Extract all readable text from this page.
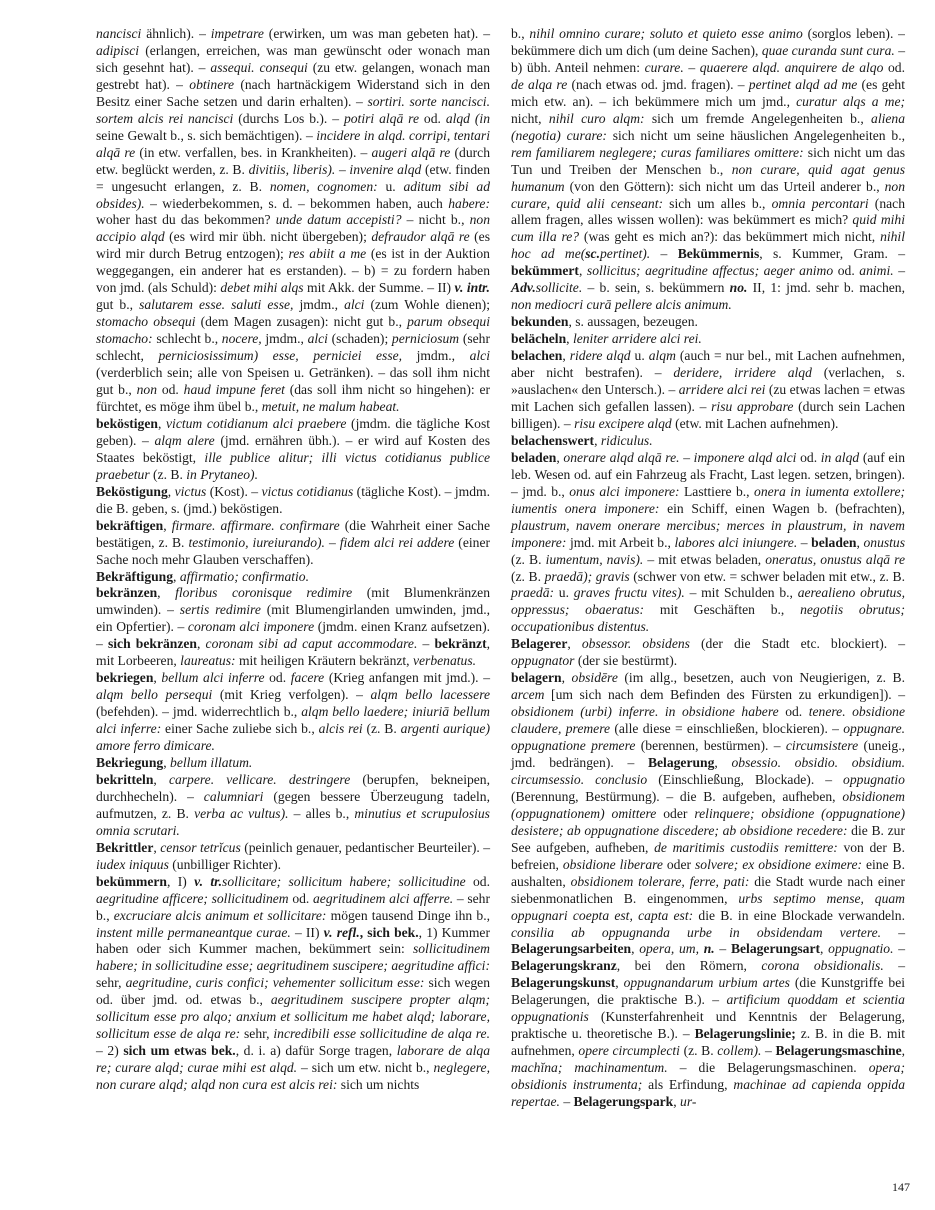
nancisci ähnlich). – impetrare (erwirken, um was man gebeten hat). – adipisci (erlangen, erreichen, was man gewünscht oder wonach man sich gesehnt hat). – assequi. consequi (zu etw. gelangen, wonach man gestrebt hat). – obtinere (nach hartnäckigem Widerstand sich in den Besitz einer Sache setzen und darin erhalten). – sortiri. sorte nancisci. sortem alcis rei nancisci (durchs Los b.). – potiri alqā re od. alqd (in seine Gewalt b., s. sich bemächtigen). – incidere in alqd. corripi, tentari alqā re (in etw. verfallen, bes. in Krankheiten). – augeri alqā re (durch etw. beglückt werden, z. B. divitiis, liberis). – invenire alqd (etw. finden = ungesucht erlangen, z. B. nomen, cognomen: u. aditum sibi ad obsides). – wiederbekommen, s. d. – bekommen haben, auch habere: woher hast du das bekommen? unde datum accepisti? – nicht b., non accipio alqd (es wird mir übh. nicht übergeben); defraudor alqā re (es wird mir durch Betrug entzogen); res abiit a me (es ist in der Auktion weggegangen, ein anderer hat es erstanden). – b) = zu fordern haben von jmd. (als Schuld): debet mihi alqs mit Akk. der Summe. – II) v. intr. gut b., salutarem esse. saluti esse, jmdm., alci (zum Wohle dienen); stomacho obsequi (dem Magen zusagen): nicht gut b., parum obsequi stomacho: schlecht b., nocere, jmdm., alci (schaden); perniciosum (sehr schlecht, perniciosissimum) esse, perniciei esse, jmdm., alci (verderblich sein; alle von Speisen u. Getränken). – das soll ihm nicht gut b., non od. haud impune feret (das soll ihm nicht so hingehen): er fürchtet, es möge ihm übel b., metuit, ne malum habeat.

beköstigen, victum cotidianum alci praebere (jmdm. die tägliche Kost geben). – alqm alere (jmd. ernähren übh.). – er wird auf Kosten des Staates beköstigt, ille publice alitur; illi victus cotidianus publice praebetur (z. B. in Prytaneo).

Beköstigung, victus (Kost). – victus cotidianus (tägliche Kost). – jmdm. die B. geben, s. (jmd.) beköstigen.

bekräftigen, firmare. affirmare. confirmare (die Wahrheit einer Sache bestätigen, z. B. testimonio, iureiurando). – fidem alci rei addere (einer Sache noch mehr Glauben verschaffen).

Bekräftigung, affirmatio; confirmatio.

bekränzen, floribus coronisque redimire (mit Blumenkränzen umwinden). – sertis redimire (mit Blumengirlanden umwinden, jmd., ein Opfertier). – coronam alci imponere (jmdm. einen Kranz aufsetzen). – sich bekränzen, coronam sibi ad caput accommodare. – bekränzt, mit Lorbeeren, laureatus: mit heiligen Kräutern bekränzt, verbenatus.

bekriegen, bellum alci inferre od. facere (Krieg anfangen mit jmd.). – alqm bello persequi (mit Krieg verfolgen). – alqm bello lacessere (befehden). – jmd. widerrechtlich b., alqm bello laedere; iniuriā bellum alci inferre: einer Sache zuliebe sich b., alcis rei (z. B. argenti aurique) amore ferro dimicare.

Bekriegung, bellum illatum.

bekritteln, carpere. vellicare. destringere (berupfen, bekneipen, durchhecheln). – calumniari (gegen bessere Überzeugung tadeln, aufmutzen, z. B. verba ac vultus). – alles b., minutius et scrupulosius omnia scrutari.

Bekrittler, censor tetrĭcus (peinlich genauer, pedantischer Beurteiler). – iudex iniquus (unbilliger Richter).

bekümmern, I) v. tr.sollicitare; sollicitum habere; sollicitudine od. aegritudine afficere; sollicitudinem od. aegritudinem alci afferre. – sehr b., excruciare alcis animum et sollicitare: mögen tausend Dinge ihn b., instent mille permaneantque curae. – II) v. refl., sich bek., 1) Kummer haben oder sich Kummer machen, bekümmert sein: sollicitudinem habere; in sollicitudine esse; aegritudinem suscipere; aegritudine affici: sehr, aegritudine, curis confici; vehementer sollicitum esse: sich wegen od. über jmd. od. etwas b., aegritudinem suscipere propter alqm; sollicitum esse pro alqo; anxium et sollicitum me habet alqd; laborare, sollicitum esse de alqa re: sehr, incredibili esse sollicitudine de alqa re. – 2) sich um etwas bek., d. i. a) dafür Sorge tragen, laborare de alqa re; curare alqd; curae mihi est alqd. – sich um etw. nicht b., neglegere, non curare alqd; alqd non cura est alcis rei: sich um nichts

b., nihil omnino curare; soluto et quieto esse animo (sorglos leben). – bekümmere dich um dich (um deine Sachen), quae curanda sunt cura. – b) übh. Anteil nehmen: curare. – quaerere alqd. anquirere de alqo od. de alqa re (nach etwas od. jmd. fragen). – pertinet alqd ad me (es geht mich etw. an). – ich bekümmere mich um jmd., curatur alqs a me; nicht, nihil curo alqm: sich um fremde Angelegenheiten b., aliena (negotia) curare: sich nicht um seine häuslichen Angelegenheiten b., rem familiarem neglegere; curas familiares omittere: sich nicht um das Tun und Treiben der Menschen b., non curare, quid agat genus humanum (von den Göttern): sich nicht um das Urteil anderer b., non curare, quid alii censeant: sich um alles b., omnia percontari (nach allem fragen, alles wissen wollen): was bekümmert es mich? quid mihi cum illa re? (was geht es mich an?): das bekümmert mich nicht, nihil hoc ad me(sc.pertinet). – Bekümmernis, s. Kummer, Gram. – bekümmert, sollicitus; aegritudine affectus; aeger animo od. animi. – Adv.sollicite. – b. sein, s. bekümmern no. II, 1: jmd. sehr b. machen, non mediocri curā pellere alcis animum.

bekunden, s. aussagen, bezeugen.

belächeln, leniter arridere alci rei.

belachen, ridere alqd u. alqm (auch = nur bel., mit Lachen aufnehmen, aber nicht bestrafen). – deridere, irridere alqd (verlachen, s. »auslachen« den Untersch.). – arridere alci rei (zu etwas lachen = etwas mit Lachen sich gefallen lassen). – risu approbare (durch sein Lachen billigen). – risu excipere alqd (etw. mit Lachen aufnehmen).

belachenswert, ridiculus.

beladen, onerare alqd alqā re. – imponere alqd alci od. in alqd (auf ein leb. Wesen od. auf ein Fahrzeug als Fracht, Last legen. setzen, bringen). – jmd. b., onus alci imponere: Lasttiere b., onera in iumenta extollere; iumentis onera imponere: ein Schiff, einen Wagen b. (befrachten), plaustrum, navem onerare mercibus; merces in plaustrum, in navem imponere: jmd. mit Arbeit b., labores alci iniungere. – beladen, onustus (z. B. iumentum, navis). – mit etwas beladen, oneratus, onustus alqā re (z. B. praedā); gravis (schwer von etw. = schwer beladen mit etw., z. B. praedā: u. graves fructu vites). – mit Schulden b., aerealieno obrutus, oppressus; obaeratus: mit Geschäften b., negotiis obrutus; occupationibus distentus.

Belagerer, obsessor. obsidens (der die Stadt etc. blockiert). – oppugnator (der sie bestürmt).

belagern, obsidēre (im allg., besetzen, auch von Neugierigen, z. B. arcem [um sich nach dem Befinden des Fürsten zu erkundigen]). – obsidionem (urbi) inferre. in obsidione habere od. tenere. obsidione claudere, premere (alle diese = einschließen, blockieren). – oppugnare. oppugnatione premere (berennen, bestürmen). – circumsistere (uneig., jmd. bedrängen). – Belagerung, obsessio. obsidio. obsidium. circumsessio. conclusio (Einschließung, Blockade). – oppugnatio (Berennung, Bestürmung). – die B. aufgeben, aufheben, obsidionem (oppugnationem) omittere oder relinquere; obsidione (oppugnatione) desistere; ab oppugnatione discedere; ab obsidione recedere: die B. zur See aufgeben, aufheben, de maritimis custodiis remittere: von der B. befreien, obsidione liberare oder solvere; ex obsidione eximere: eine B. aushalten, obsidionem tolerare, ferre, pati: die Stadt wurde nach einer siebenmonatlichen B. eingenommen, urbs septimo mense, quam oppugnari coepta est, capta est: die B. in eine Blockade verwandeln. consilia ab oppugnanda urbe in obsidendam vertere. – Belagerungsarbeiten, opera, um, n. – Belagerungsart, oppugnatio. – Belagerungskranz, bei den Römern, corona obsidionalis. – Belagerungskunst, oppugnandarum urbium artes (die Kunstgriffe bei Belagerungen, die praktische B.). – artificium quoddam et scientia oppugnationis (Kunsterfahrenheit und Kenntnis der Belagerung, praktische u. theoretische B.). – Belagerungslinie; z. B. in die B. mit aufnehmen, opere circumplecti (z. B. collem). – Belagerungsmaschine, machĭna; machinamentum. – die Belagerungsmaschinen. opera; obsidionis instrumenta; als Erfindung, machinae ad capienda oppida repertae. – Belagerungspark, ur-

147
